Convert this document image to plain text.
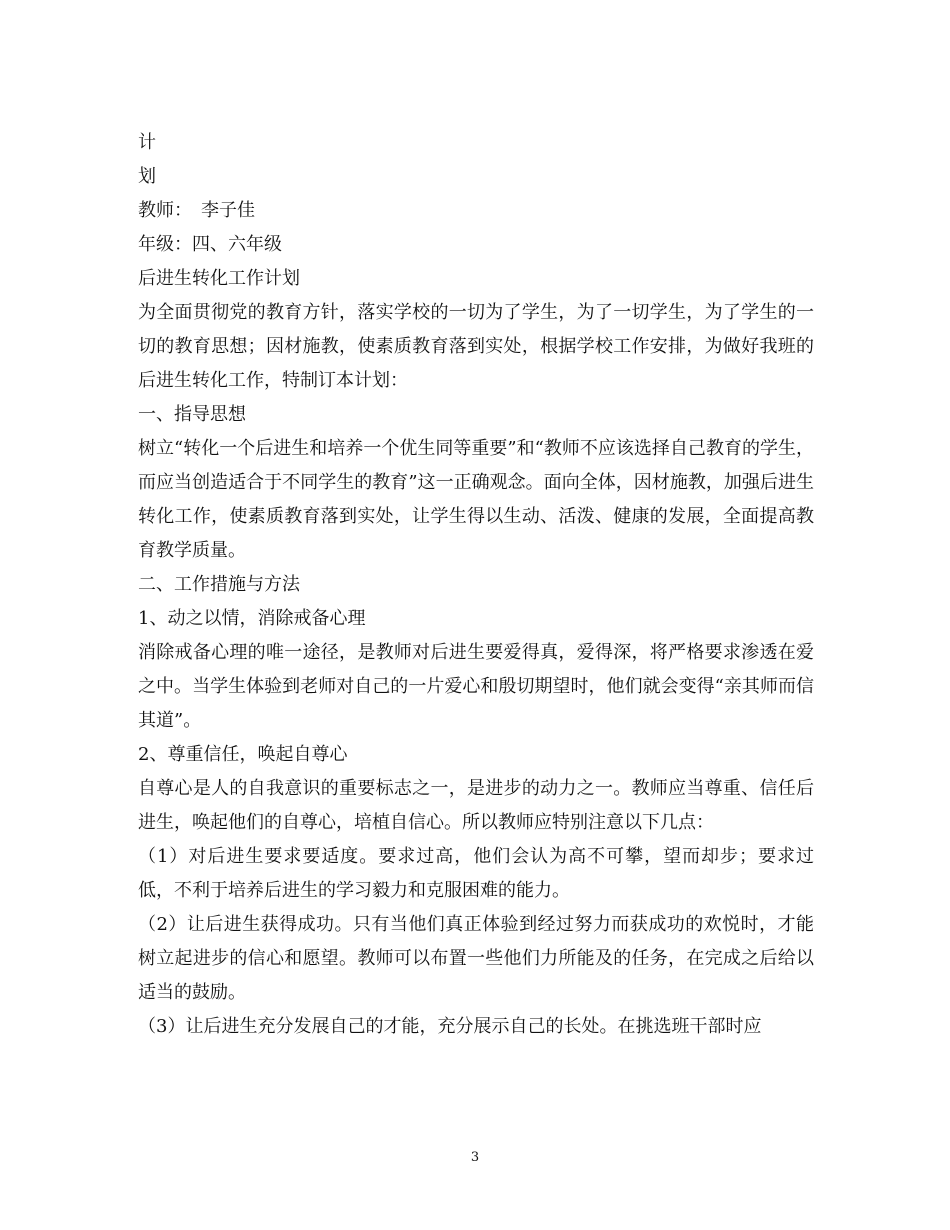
计

划

教师：　李子佳

年级：四、六年级

后进生转化工作计划

为全面贯彻党的教育方针，落实学校的一切为了学生，为了一切学生，为了学生的一切的教育思想；因材施教，使素质教育落到实处，根据学校工作安排，为做好我班的后进生转化工作，特制订本计划：

一、指导思想

树立“转化一个后进生和培养一个优生同等重要”和“教师不应该选择自己教育的学生，而应当创造适合于不同学生的教育”这一正确观念。面向全体，因材施教，加强后进生转化工作，使素质教育落到实处，让学生得以生动、活泼、健康的发展，全面提高教育教学质量。

二、工作措施与方法

1、动之以情，消除戒备心理

消除戒备心理的唯一途径，是教师对后进生要爱得真，爱得深，将严格要求渗透在爱之中。当学生体验到老师对自己的一片爱心和殷切期望时，他们就会变得“亲其师而信其道”。

2、尊重信任，唤起自尊心

自尊心是人的自我意识的重要标志之一，是进步的动力之一。教师应当尊重、信任后进生，唤起他们的自尊心，培植自信心。所以教师应特别注意以下几点：

（1）对后进生要求要适度。要求过高，他们会认为高不可攀，望而却步；要求过低，不利于培养后进生的学习毅力和克服困难的能力。

（2）让后进生获得成功。只有当他们真正体验到经过努力而获成功的欢悦时，才能树立起进步的信心和愿望。教师可以布置一些他们力所能及的任务，在完成之后给以适当的鼓励。

（3）让后进生充分发展自己的才能，充分展示自己的长处。在挑选班干部时应

3
